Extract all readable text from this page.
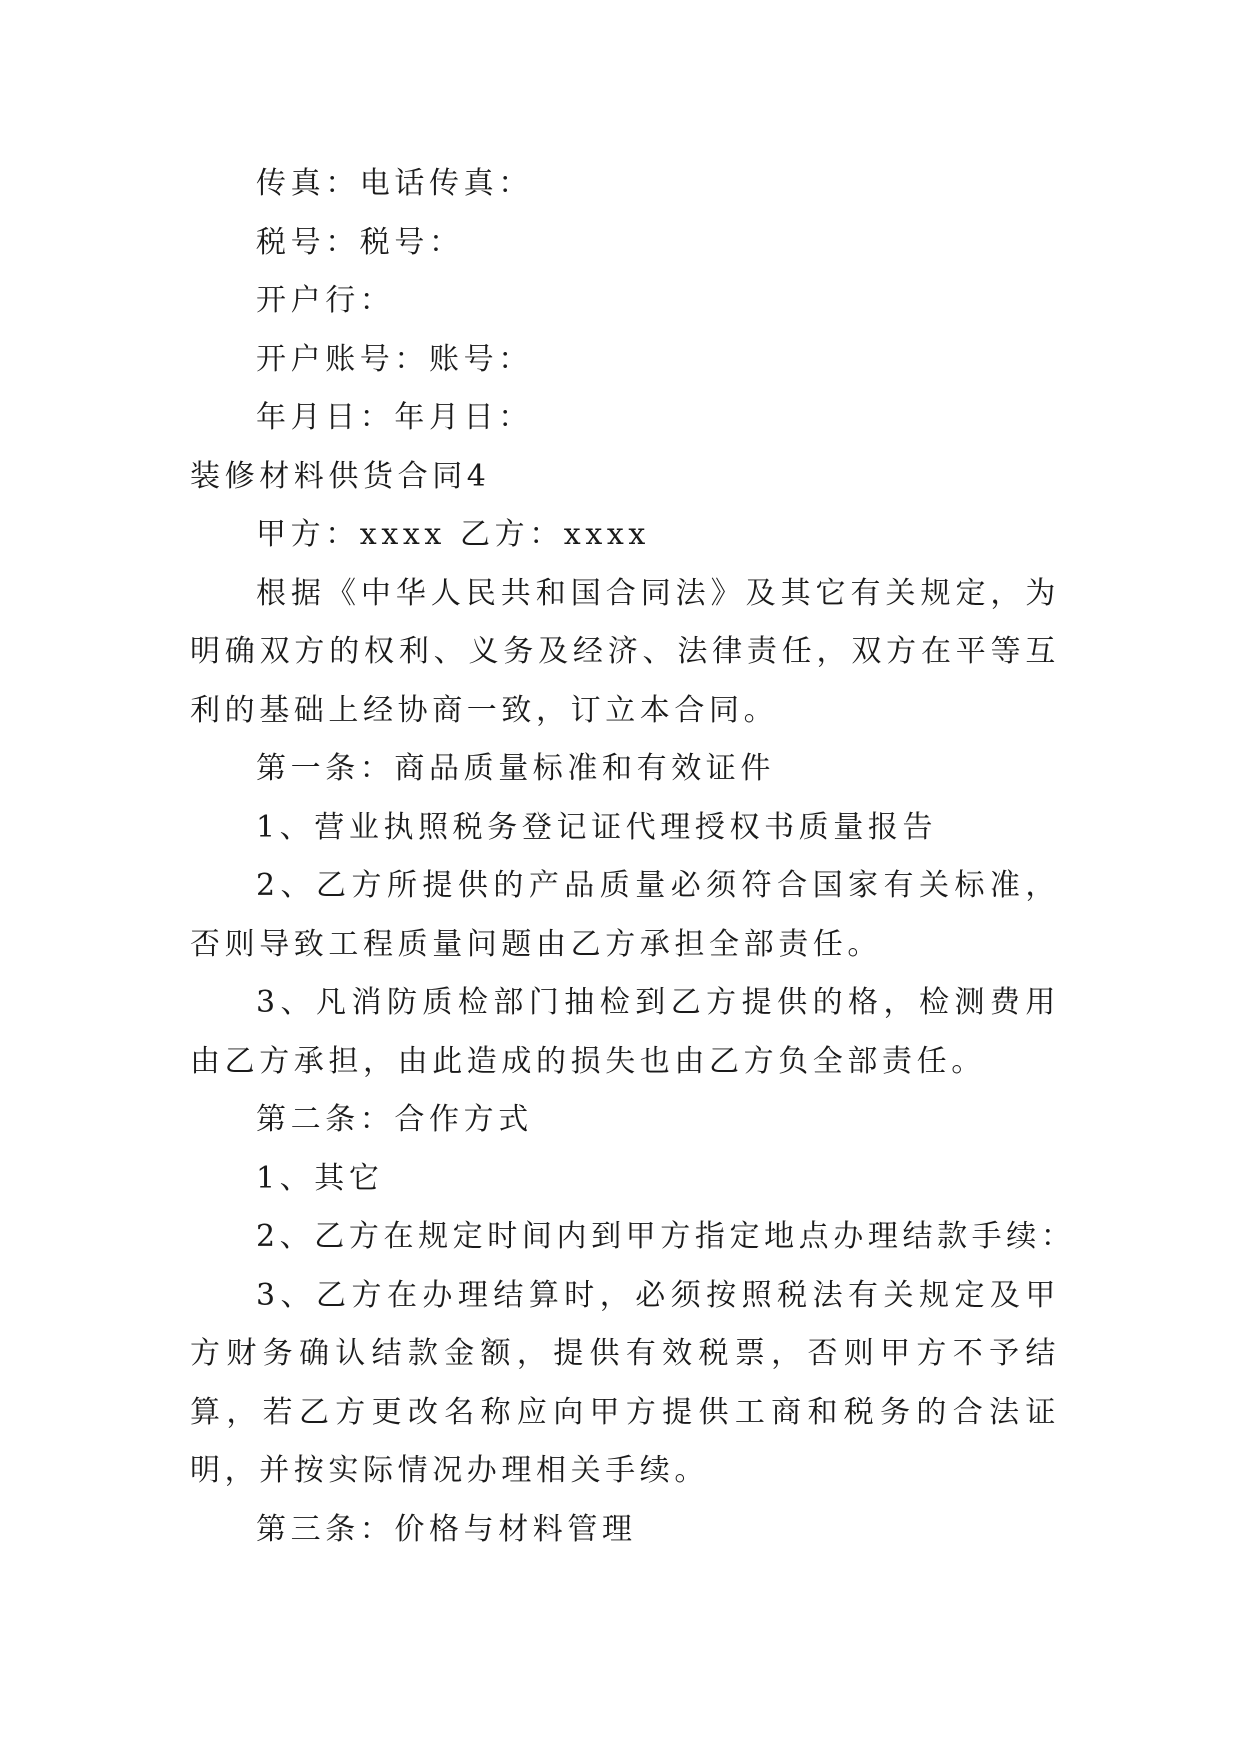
传真：电话传真：

税号：税号：

开户行：

开户账号：账号：

年月日：年月日：

装修材料供货合同4

甲方：xxxx 乙方：xxxx

根据《中华人民共和国合同法》及其它有关规定，为明确双方的权利、义务及经济、法律责任，双方在平等互利的基础上经协商一致，订立本合同。

第一条：商品质量标准和有效证件

1、营业执照税务登记证代理授权书质量报告

2、乙方所提供的产品质量必须符合国家有关标准，否则导致工程质量问题由乙方承担全部责任。

3、凡消防质检部门抽检到乙方提供的格，检测费用由乙方承担，由此造成的损失也由乙方负全部责任。

第二条：合作方式

1、其它

2、乙方在规定时间内到甲方指定地点办理结款手续：

3、乙方在办理结算时，必须按照税法有关规定及甲方财务确认结款金额，提供有效税票，否则甲方不予结算，若乙方更改名称应向甲方提供工商和税务的合法证明，并按实际情况办理相关手续。

第三条：价格与材料管理
